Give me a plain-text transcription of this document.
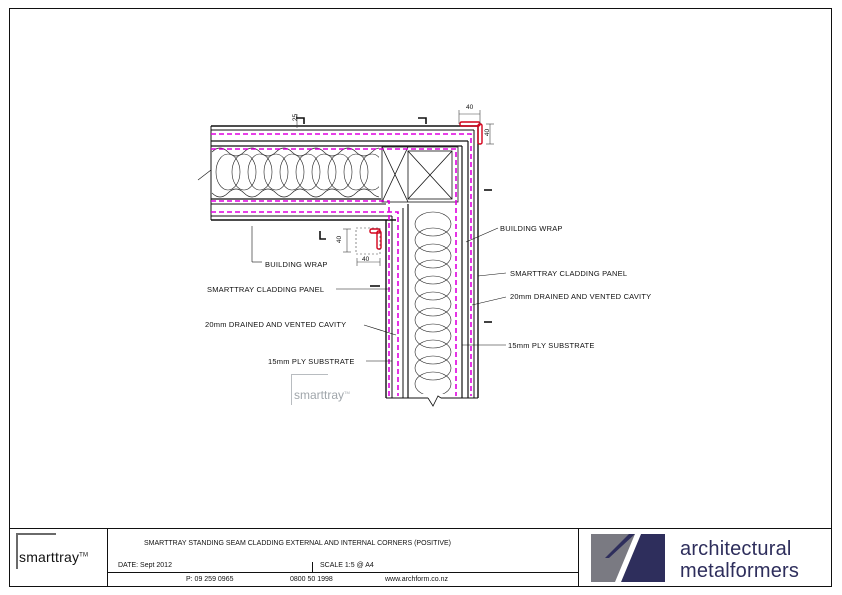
BUILDING WRAP
BUILDING WRAP
SMARTTRAY CLADDING PANEL
SMARTTRAY CLADDING PANEL
20mm DRAINED AND VENTED CAVITY
20mm DRAINED AND VENTED CAVITY
15mm PLY SUBSTRATE
15mm PLY SUBSTRATE
25
40
40
40
40
smarttray™
smarttray™
SMARTTRAY STANDING SEAM CLADDING EXTERNAL AND INTERNAL CORNERS (POSITIVE)
DATE: Sept 2012	SCALE 1:5 @ A4
P: 09 259 0965	0800 50 1998	www.archform.co.nz
architectural
metalformers
